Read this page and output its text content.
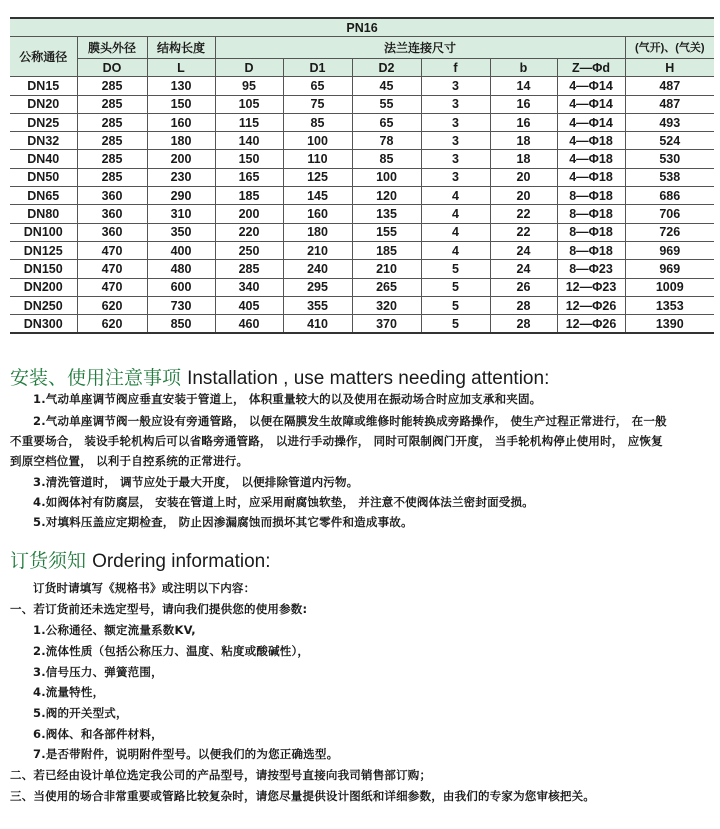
PN16									
公称通径	膜头外径	结构长度	法兰连接尺寸						(气开)、(气关)
	DO	L	D	D1	D2	f	b	Z—Φd	H
DN15	285	130	95	65	45	3	14	4—Φ14	487
DN20	285	150	105	75	55	3	16	4—Φ14	487
DN25	285	160	115	85	65	3	16	4—Φ14	493
DN32	285	180	140	100	78	3	18	4—Φ18	524
DN40	285	200	150	110	85	3	18	4—Φ18	530
DN50	285	230	165	125	100	3	20	4—Φ18	538
DN65	360	290	185	145	120	4	20	8—Φ18	686
DN80	360	310	200	160	135	4	22	8—Φ18	706
DN100	360	350	220	180	155	4	22	8—Φ18	726
DN125	470	400	250	210	185	4	24	8—Φ18	969
DN150	470	480	285	240	210	5	24	8—Φ23	969
DN200	470	600	340	295	265	5	26	12—Φ23	1009
DN250	620	730	405	355	320	5	28	12—Φ26	1353
DN300	620	850	460	410	370	5	28	12—Φ26	1390
安装、使用注意事项 Installation , use matters needing attention:
1.气动单座调节阀应垂直安装于管道上， 体积重量较大的以及使用在振动场合时应加支承和夹固。
2.气动单座调节阀一般应设有旁通管路， 以便在隔膜发生故障或维修时能转换成旁路操作， 使生产过程正常进行， 在一般
不重要场合， 装设手轮机构后可以省略旁通管路， 以进行手动操作， 同时可限制阀门开度， 当手轮机构停止使用时， 应恢复
到原空档位置， 以利于自控系统的正常进行。
3.清洗管道时， 调节应处于最大开度， 以便排除管道内污物。
4.如阀体衬有防腐层， 安装在管道上时，应采用耐腐蚀软垫， 并注意不使阀体法兰密封面受损。
5.对填料压盖应定期检查， 防止因渗漏腐蚀而损坏其它零件和造成事故。
订货须知 Ordering information:
订货时请填写《规格书》或注明以下内容：
一、若订货前还未选定型号，请向我们提供您的使用参数:
1.公称通径、额定流量系数KV,
2.流体性质（包括公称压力、温度、粘度或酸碱性），
3.信号压力、弹簧范围，
4.流量特性，
5.阀的开关型式，
6.阀体、和各部件材料，
7.是否带附件，说明附件型号。以便我们的为您正确选型。
二、若已经由设计单位选定我公司的产品型号，请按型号直接向我司销售部订购；
三、当使用的场合非常重要或管路比较复杂时，请您尽量提供设计图纸和详细参数，由我们的专家为您审核把关。
